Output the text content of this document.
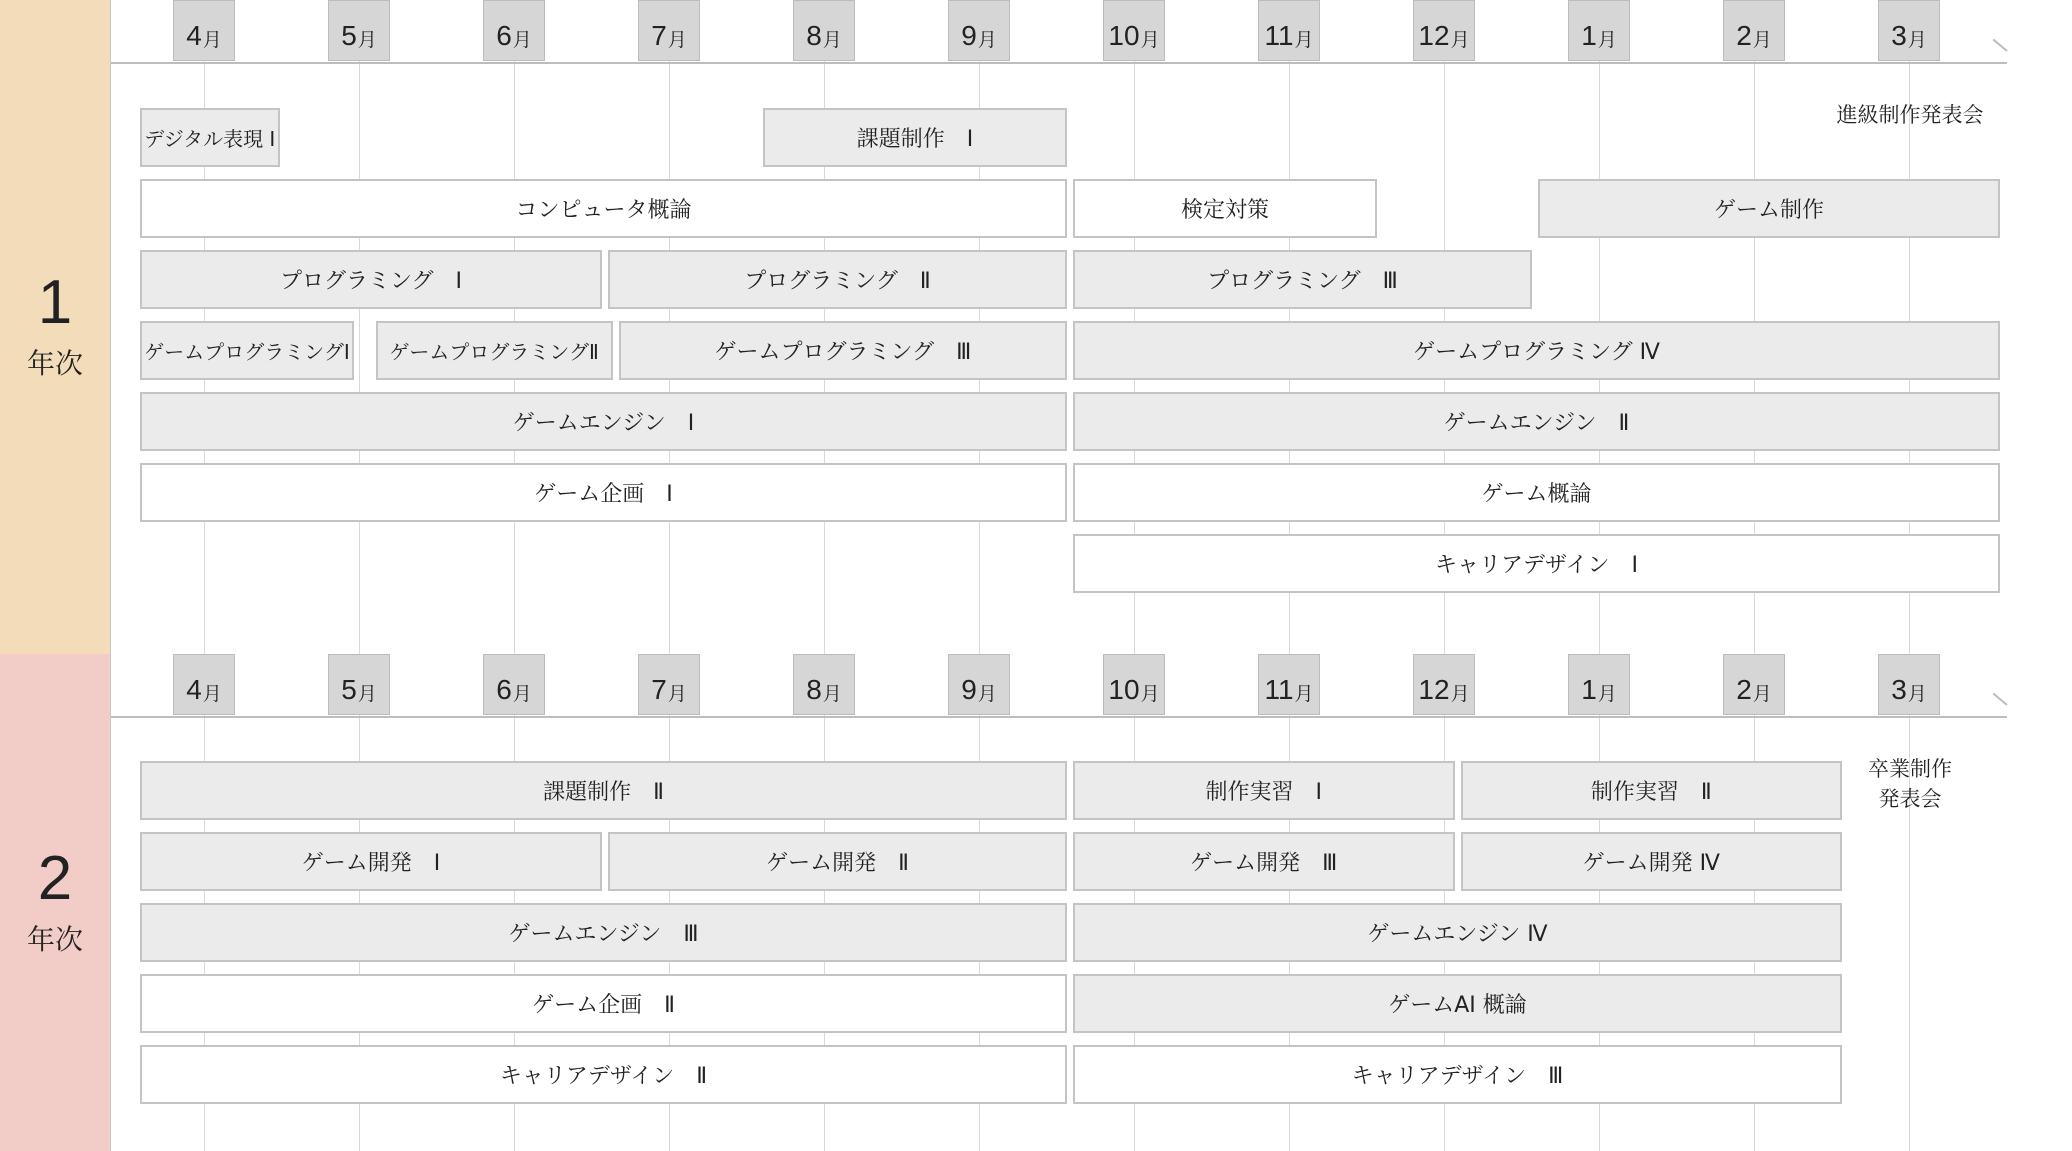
1
年次
4 月	5 月	6 月	7 月	8 月	9 月	10 月	11 月	12 月	1 月	2 月	3 月
デジタル表現 Ⅰ	課題制作　Ⅰ
コンピュータ概論	検定対策	ゲーム制作
プログラミング　Ⅰ	プログラミング　Ⅱ	プログラミング　Ⅲ
ゲームプログラミングⅠ	ゲームプログラミングⅡ	ゲームプログラミング　Ⅲ	ゲームプログラミング Ⅳ
ゲームエンジン　Ⅰ	ゲームエンジン　Ⅱ
ゲーム企画　Ⅰ	ゲーム概論
キャリアデザイン　Ⅰ
進級制作発表会
2
年次
4 月	5 月	6 月	7 月	8 月	9 月	10 月	11 月	12 月	1 月	2 月	3 月
課題制作　Ⅱ	制作実習　Ⅰ	制作実習　Ⅱ
ゲーム開発　Ⅰ	ゲーム開発　Ⅱ	ゲーム開発　Ⅲ	ゲーム開発 Ⅳ
ゲームエンジン　Ⅲ	ゲームエンジン Ⅳ
ゲーム企画　Ⅱ	ゲームAI 概論
キャリアデザイン　Ⅱ	キャリアデザイン　Ⅲ
卒業制作
発表会
